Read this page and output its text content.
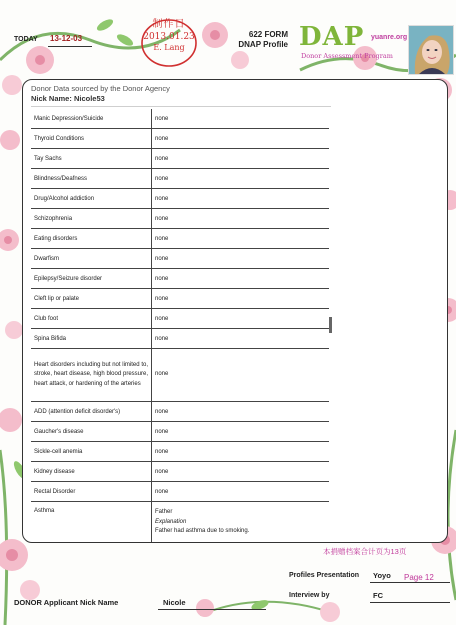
制作日
2013.01.23
E. Lang
TODAY 13-12-03	622 FORM
DNAP Profile DAP yuanre.org
Donor Assessment Program
Donor Data sourced by the Donor Agency
Nick Name: Nicole53
Manic Depression/Suicide	none
Thyroid Conditions	none
Tay Sachs	none
Blindness/Deafness	none
Drug/Alcohol addiction	none
Schizophrenia	none
Eating disorders	none
Dwarfism	none
Epilepsy/Seizure disorder	none
Cleft lip or palate	none
Club foot	none
Spina Bifida	none

Heart disorders including but not limited to, stroke, heart disease, high blood pressure, heart attack, or hardening of the arteries	none
ADD (attention deficit disorder's)	none
Gaucher's disease	none
Sickle-cell anemia	none
Kidney disease	none
Rectal Disorder	none
Asthma	Father
Explanation
Father had asthma due to smoking.
本捐赠档案合计页为13页
Profiles Presentation Yoyo Page 12
Interview by	FC
DONOR Applicant Nick Name	Nicole
